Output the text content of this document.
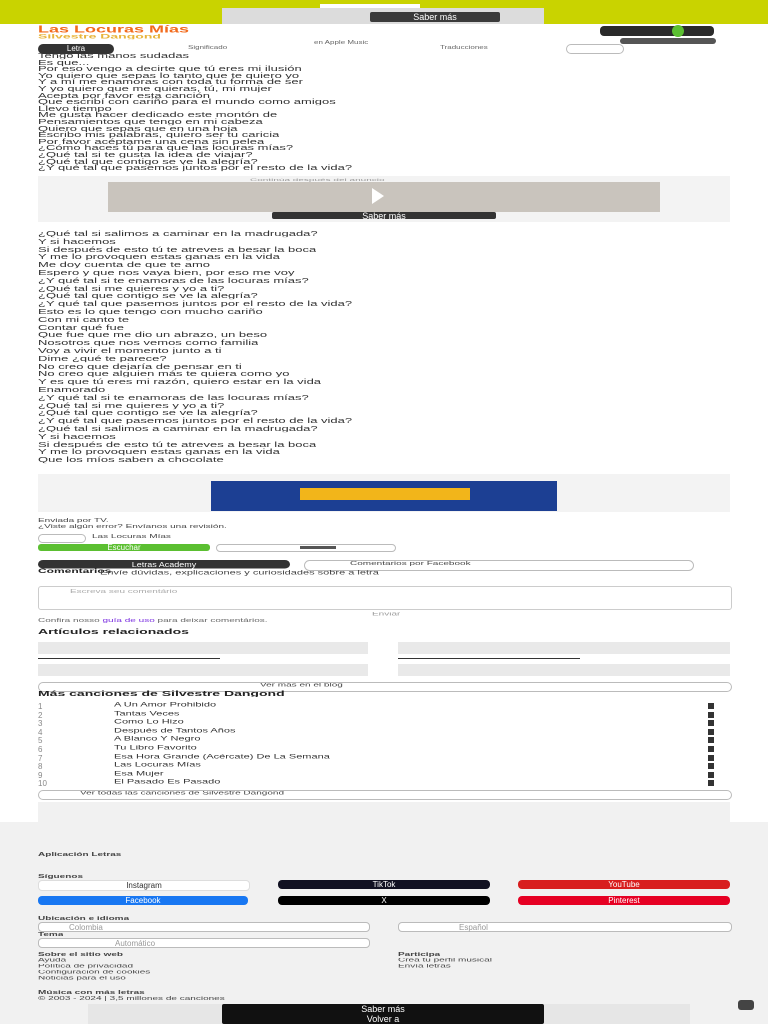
Saber más
Las Locuras Mías
Silvestre Dangond
Letra	Significado
en Apple Music
Traducciones
Tengo las manos sudadas
Es que...
Por eso vengo a decirte que tú eres mi ilusión
Yo quiero que sepas lo tanto que te quiero yo
Y a mí me enamoras con toda tu forma de ser
Y yo quiero que me quieras, tú, mi mujer
Acepta por favor esta canción
Que escribí con cariño para el mundo como amigos
Llevo tiempo
Me gusta hacer dedicado este montón de
Pensamientos que tengo en mi cabeza
Quiero que sepas que en una hoja
Escribo mis palabras, quiero ser tu caricia
Por favor acéptame una cena sin pelea
¿Cómo haces tú para que las locuras mías?
¿Qué tal si te gusta la idea de viajar?
¿Qué tal que contigo se ve la alegría?
¿Y qué tal que pasemos juntos por el resto de la vida?
Continúa después del anuncio
Saber más
¿Qué tal si salimos a caminar en la madrugada?
Y si hacemos
Si después de esto tú te atreves a besar la boca
Y me lo provoquen estas ganas en la vida
Me doy cuenta de que te amo
Espero y que nos vaya bien, por eso me voy
¿Y qué tal si te enamoras de las locuras mías?
¿Qué tal si me quieres y yo a ti?
¿Qué tal que contigo se ve la alegría?
¿Y qué tal que pasemos juntos por el resto de la vida?
Esto es lo que tengo con mucho cariño
Con mi canto te
Contar qué fue
Que fue que me dio un abrazo, un beso
Nosotros que nos vemos como familia
Voy a vivir el momento junto a ti
Dime ¿qué te parece?
No creo que dejaría de pensar en ti
No creo que alguien más te quiera como yo
Y es que tú eres mi razón, quiero estar en la vida
Enamorado
¿Y qué tal si te enamoras de las locuras mías?
¿Qué tal si me quieres y yo a ti?
¿Qué tal que contigo se ve la alegría?
¿Y qué tal que pasemos juntos por el resto de la vida?
¿Qué tal si salimos a caminar en la madrugada?
Y si hacemos
Si después de esto tú te atreves a besar la boca
Y me lo provoquen estas ganas en la vida
Que los míos saben a chocolate
Enviada por TV.
¿Viste algún error? Envíanos una revisión.
Las Locuras Mías
Escuchar
Letras Academy	Comentarios por Facebook
Comentarios
Envíe dúvidas, explicaciones y curiosidades sobre a letra
Escreva seu comentário
Enviar
Confira nosso guía de uso para deixar comentários.
Artículos relacionados
Ver más en el blog
Más canciones de Silvestre Dangond
1	A Un Amor Prohibido
2	Tantas Veces
3	Como Lo Hizo
4	Después de Tantos Años
5	A Blanco Y Negro
6	Tu Libro Favorito
7	Esa Hora Grande (Acércate) De La Semana
8	Las Locuras Mías
9	Esa Mujer
10	El Pasado Es Pasado
Ver todas las canciones de Silvestre Dangond
Aplicación Letras
Síguenos
Instagram	TikTok	YouTube
Facebook	X	Pinterest
Ubicación e idioma
Colombia	Español
Tema
Automático
Sobre el sitio web
Ayuda
Política de privacidad
Configuración de cookies
Noticias para el uso
Participa
Crea tu perfil musical
Envía letras
Música con más letras
© 2003 - 2024 | 3,5 millones de canciones
Saber más
Volver a
